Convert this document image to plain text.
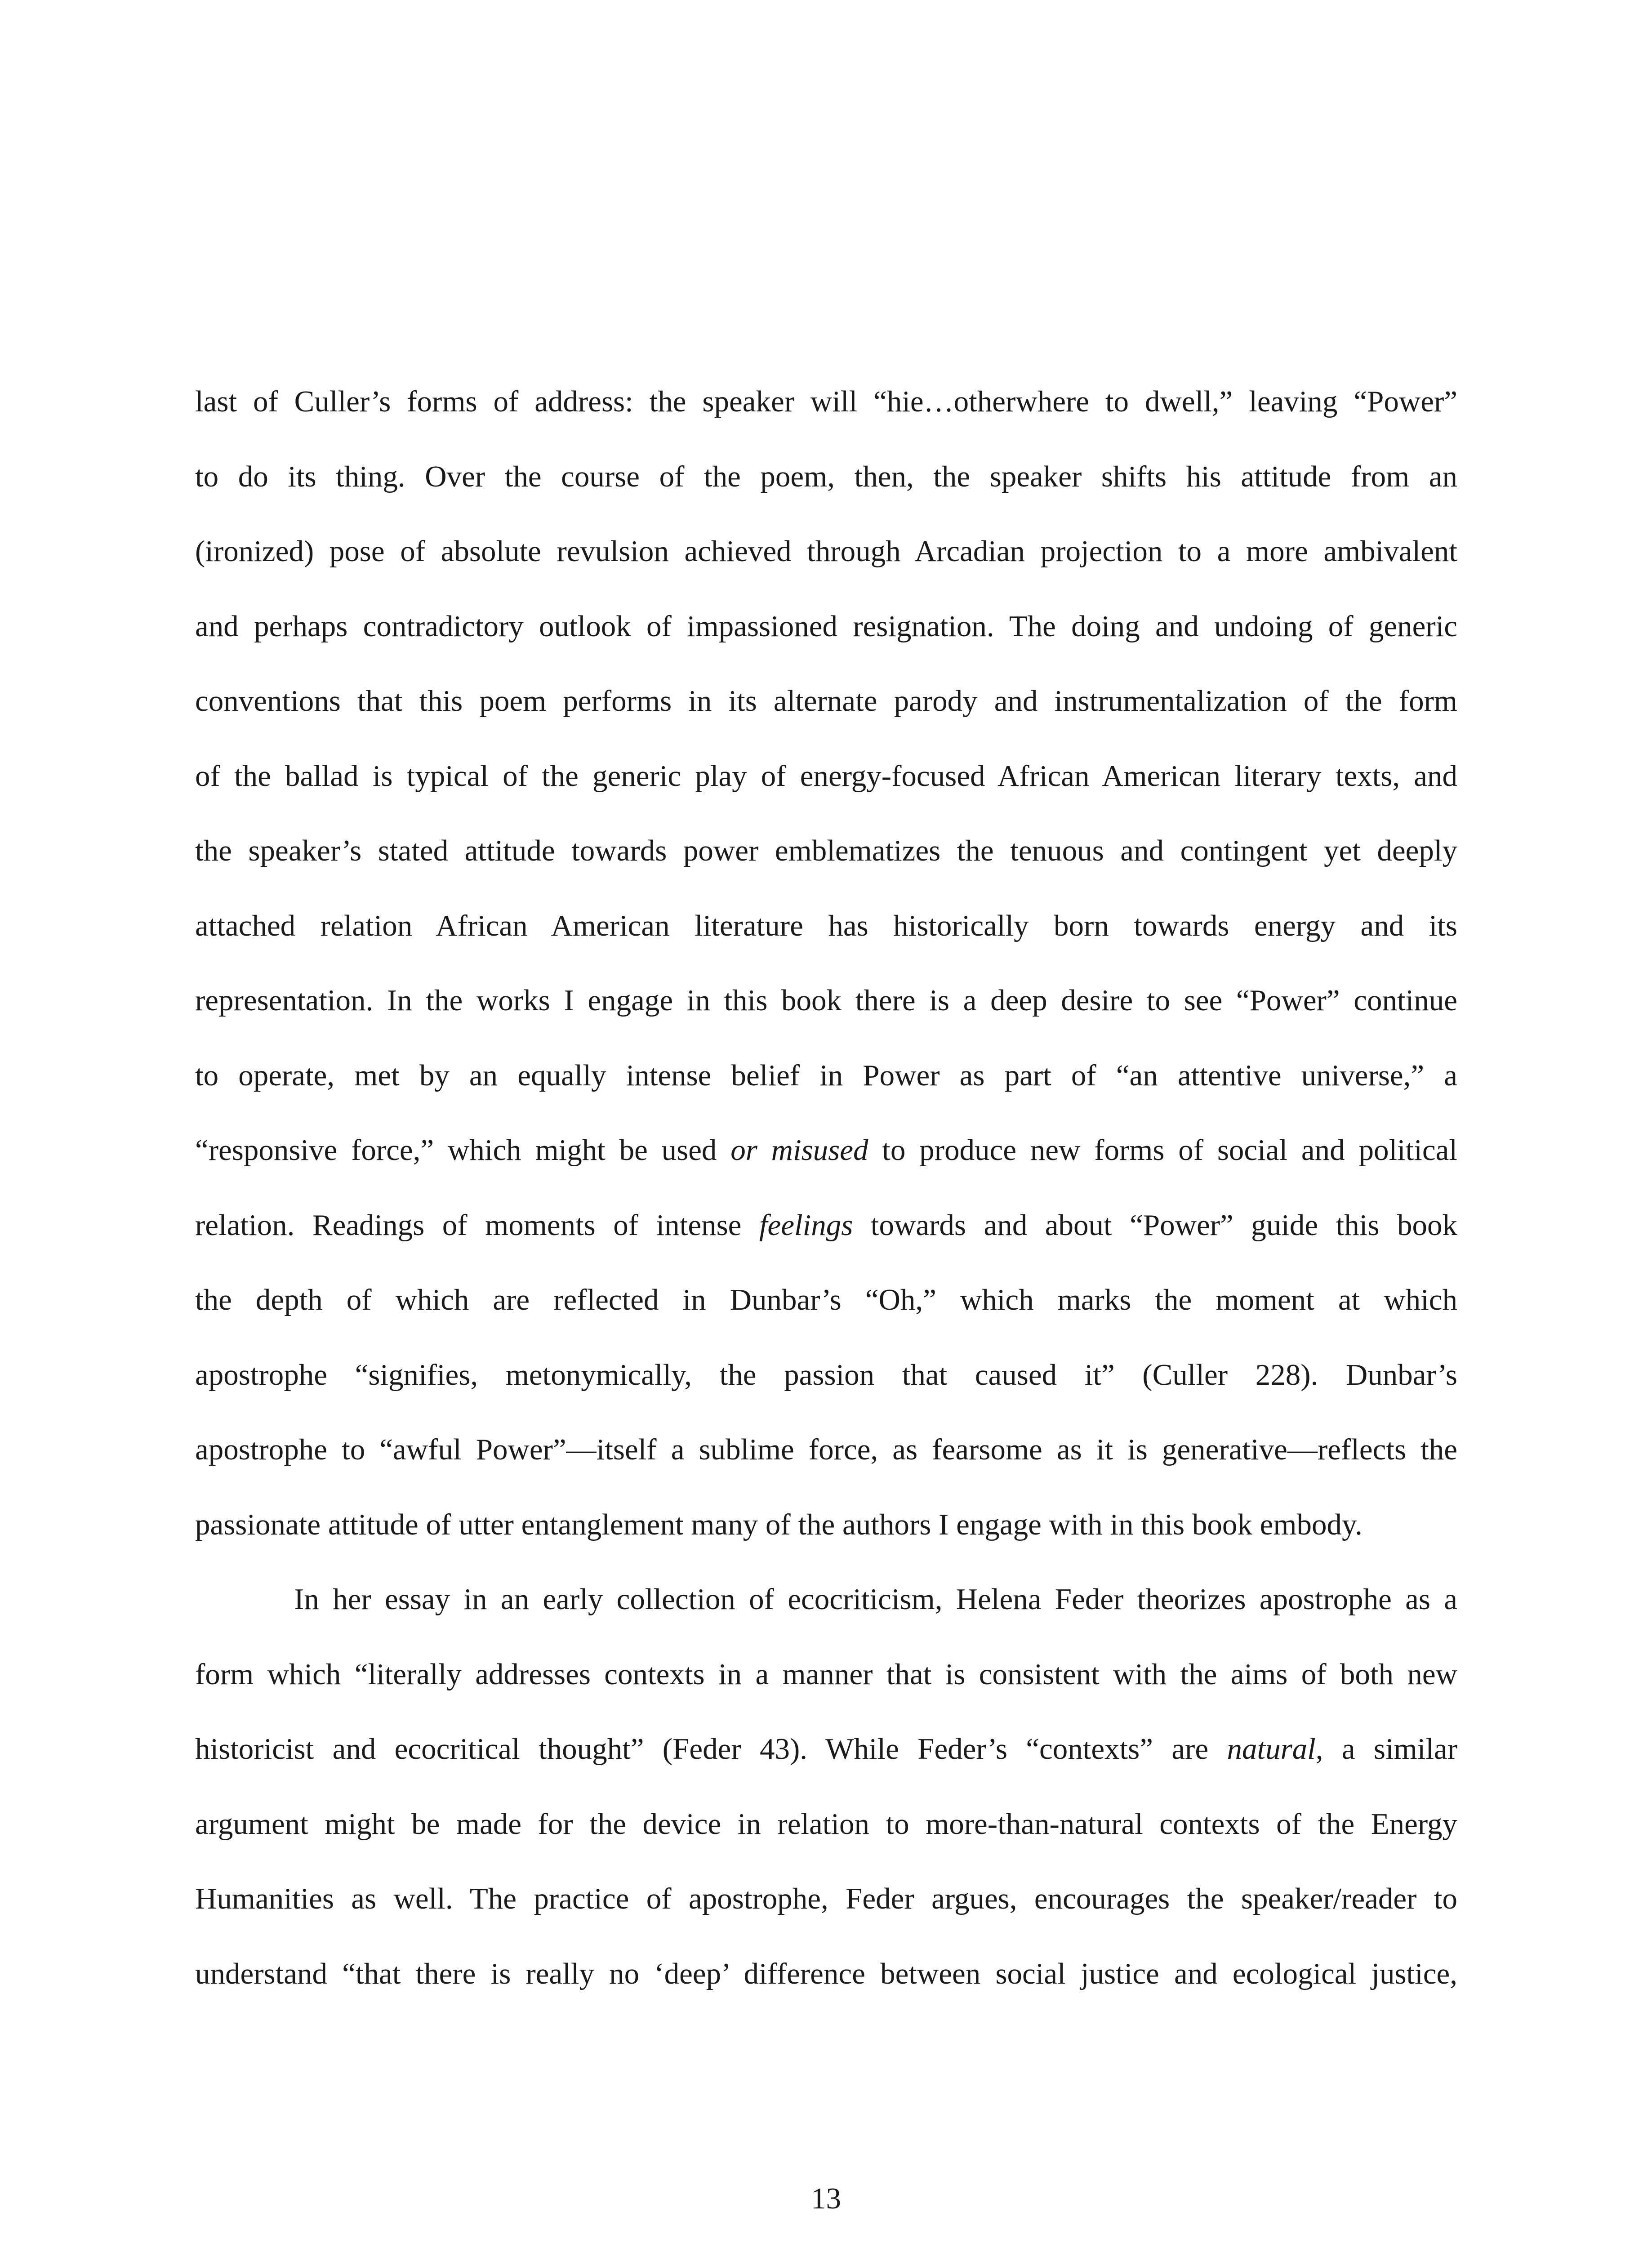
last of Culler’s forms of address: the speaker will “hie…otherwhere to dwell,” leaving “Power”
to do its thing. Over the course of the poem, then, the speaker shifts his attitude from an
(ironized) pose of absolute revulsion achieved through Arcadian projection to a more ambivalent
and perhaps contradictory outlook of impassioned resignation. The doing and undoing of generic
conventions that this poem performs in its alternate parody and instrumentalization of the form
of the ballad is typical of the generic play of energy-focused African American literary texts, and
the speaker’s stated attitude towards power emblematizes the tenuous and contingent yet deeply
attached relation African American literature has historically born towards energy and its
representation. In the works I engage in this book there is a deep desire to see “Power” continue
to operate, met by an equally intense belief in Power as part of “an attentive universe,” a
“responsive force,” which might be used or misused to produce new forms of social and political
relation. Readings of moments of intense feelings towards and about “Power” guide this book
the depth of which are reflected in Dunbar’s “Oh,” which marks the moment at which
apostrophe “signifies, metonymically, the passion that caused it” (Culler 228). Dunbar’s
apostrophe to “awful Power”—itself a sublime force, as fearsome as it is generative—reflects the
passionate attitude of utter entanglement many of the authors I engage with in this book embody.
In her essay in an early collection of ecocriticism, Helena Feder theorizes apostrophe as a
form which “literally addresses contexts in a manner that is consistent with the aims of both new
historicist and ecocritical thought” (Feder 43). While Feder’s “contexts” are natural, a similar
argument might be made for the device in relation to more-than-natural contexts of the Energy
Humanities as well. The practice of apostrophe, Feder argues, encourages the speaker/reader to
understand “that there is really no ‘deep’ difference between social justice and ecological justice,
13
